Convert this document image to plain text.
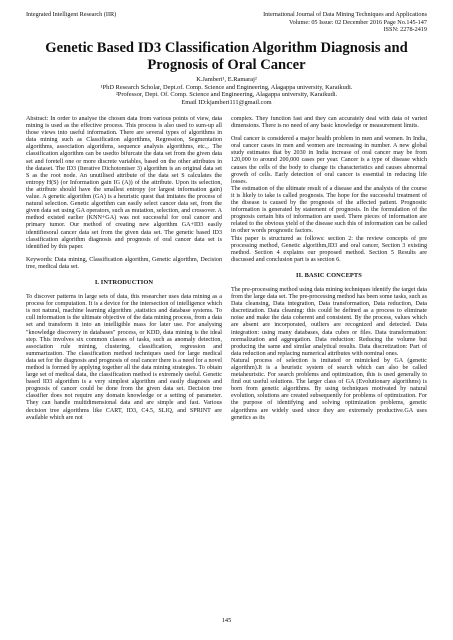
Integrated Intelligent Research (IIR)	International Journal of Data Mining Techniques and Applications
Volume: 05 Issue: 02 December 2016 Page No.145-147
ISSN: 2278-2419
Genetic Based ID3 Classification Algorithm Diagnosis and Prognosis of Oral Cancer
K.Jamberi¹, E.Ramaraj²
¹PhD Research Scholar, Dept.of. Comp. Science and Engineering, Alagappa university, Karaikudi.
²Professor, Dept. Of. Comp. Science and Engineering, Alagappa university, Karaikudi.
Email ID:kjamberi111@gmail.com

Abstract: In order to analyse the chosen data from various points of view, data mining is used as the effective process. This process is also used to sum-up all those views into useful information. There are several types of algorithms in data mining such as Classification algorithms, Regression, Segmentation algorithms, association algorithms, sequence analysis algorithms, etc.,. The classification algorithm can be usedto bifurcate the data set from the given data set and foretell one or more discrete variables, based on the other attributes in the dataset. The ID3 (Iterative Dichotomiser 3) algorithm is an original data set S as the root node. An unutilised attribute of the data set S calculates the entropy H(S) (or Information gain IG (A)) of the attribute. Upon its selection, the attribute should have the smallest entropy (or largest information gain) value. A genetic algorithm (GA) is a heuristic quest that imitates the process of natural selection. Genetic algorithm can easily select cancer data set, from the given data set using GA operators, such as mutation, selection, and crossover. A method existed earlier (KNN+GA) was not successful for oral cancer and primary tumor. Our method of creating new algorithm GA+ID3 easily identifiesoral cancer data set from the given data set. The genetic based ID3 classification algorithm diagnosis and prognosis of oral cancer data set is identified by this paper.

Keywords: Data mining, Classification algorithm, Genetic algorithm, Decision tree, medical data set.

I. INTRODUCTION

To discover patterns in large sets of data, this researcher uses data mining as a process for computation. It is a device for the intersection of intelligence which is not natural, machine learning algorithm ,statistics and database systems. To cull information is the ultimate objective of the data mining process, from a data set and transform it into an intelligible mass for later use. For analysing "knowledge discovery in databases" process, or KDD, data mining is the ideal step. This involves six common classes of tasks, such as anomaly detection, association rule mining, clustering, classification, regression and summarization. The classification method techniques used for large medical data set for the diagnosis and prognosis of oral cancer there is a need for a novel method is formed by applying together all the data mining strategies. To obtain large set of medical data, the classification method is extremely useful. Genetic based ID3 algorithm is a very simplest algorithm and easily diagnosis and prognosis of cancer could be done from the given data set. Decision tree classifier does not require any domain knowledge or a setting of parameter. They can handle multidimensional data and are simple and fast. Various decision tree algorithms like CART, ID3, C4.5, SLIQ, and SPRINT are available which are not

complex. They function fast and they can accurately deal with data of varied dimensions. There is no need of any basic knowledge or measurement limits.

Oral cancer is considered a major health problem in men and women. In India, oral cancer cases in men and women are increasing in number. A new global study estimates that by 2030 in India increase of oral cancer may be from 120,000 to around 200,000 cases per year. Cancer is a type of disease which causes the cells of the body to change its characteristics and causes abnormal growth of cells. Early detection of oral cancer is essential in reducing life losses.

The estimation of the ultimate result of a disease and the analysis of the course it is likely to take is called prognosis. The hope for the successful treatment of the disease is caused by the prognosis of the affected patient. Prognostic information is generated by statement of prognosis. In the formulation of the prognosis certain bits of information are used. There pieces of information are related to the obvious yield of the disease such this of information can be called in other words prognostic factors.

This paper is structured as follows: section 2: the review concepts of pre processing method, Genetic algorithm,ID3 and oral cancer, Section 3 existing method. Section 4 explains our proposed method. Section 5 Results are discussed and conclusion part is as section 6.

II. BASIC CONCEPTS

The pre-processing method using data mining techniques identify the target data from the large data set. The pre-processing method has been some tasks, such as Data cleansing, Data integration, Data transformation, Data reduction, Data discretization. Data cleaning: this could be defined as a process to eliminate noise and make the data coherent and consistent. By the process, values which are absent are incorporated, outliers are recognized and detected. Data integration: using many databases, data cubes or files. Data transformation: normalization and aggregation. Data reduction: Reducing the volume but producing the same and similar analytical results. Data discretization: Part of data reduction and replacing numerical attributes with nominal ones.

Natural process of selection is imitated or mimicked by GA (genetic algorithm).It is a heuristic system of search which can also be called metaheuristic. For search problems and optimization, this is used generally to find out useful solutions. The larger class of GA (Evolutionary algorithms) is born from genetic algorithms. By using techniques motivated by natural evolution, solutions are created subsequently for problems of optimization. For the purpose of identifying and solving optimization problems, genetic algorithms are widely used since they are extremely productive.GA uses genetics as its

145
